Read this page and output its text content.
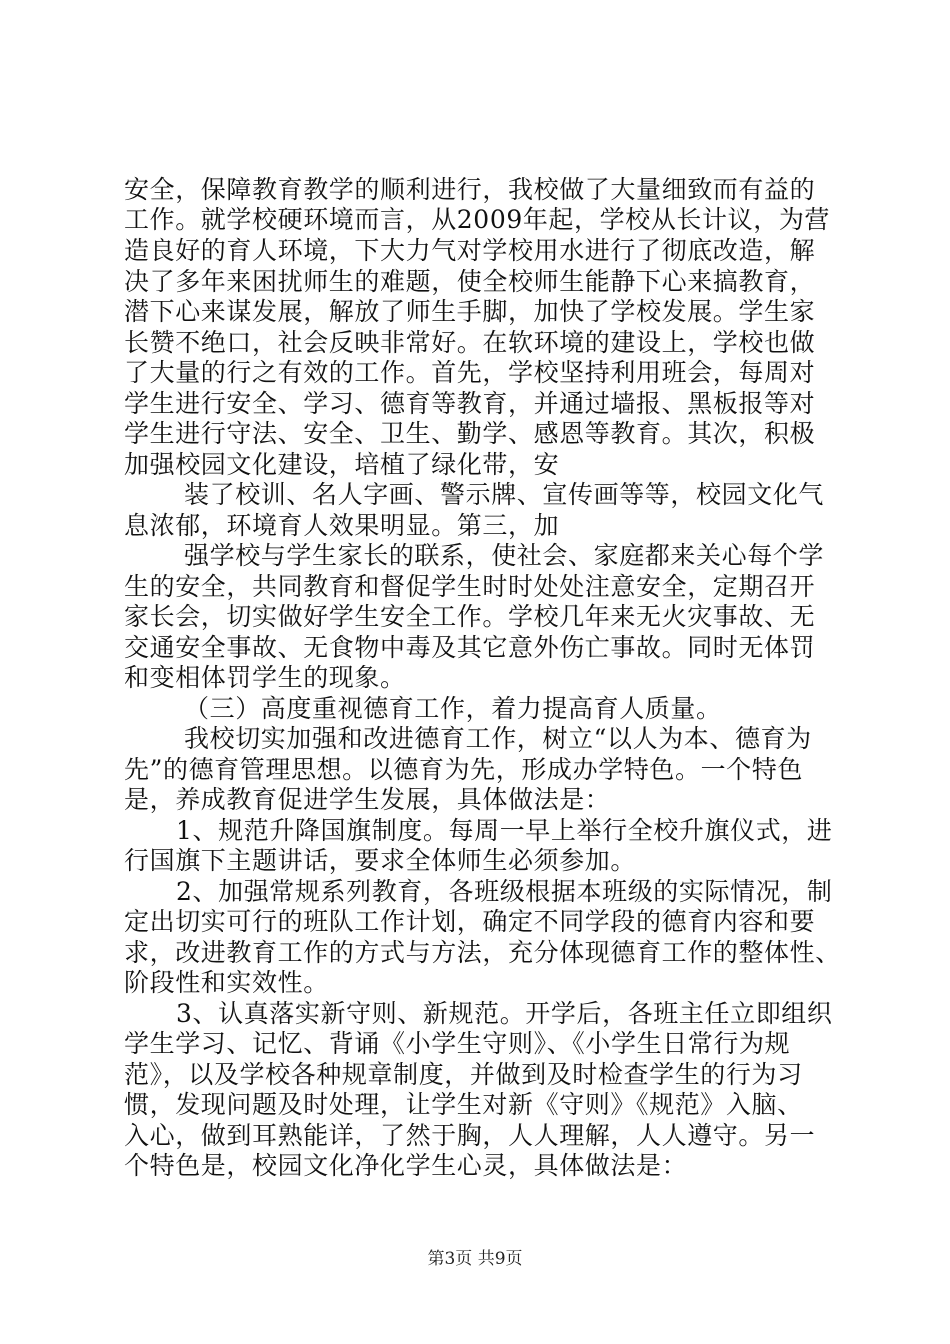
安全，保障教育教学的顺利进行，我校做了大量细致而有益的
工作。就学校硬环境而言，从2009年起，学校从长计议，为营
造良好的育人环境，下大力气对学校用水进行了彻底改造，解
决了多年来困扰师生的难题，使全校师生能静下心来搞教育，
潜下心来谋发展，解放了师生手脚，加快了学校发展。学生家
长赞不绝口，社会反映非常好。在软环境的建设上，学校也做
了大量的行之有效的工作。首先，学校坚持利用班会，每周对
学生进行安全、学习、德育等教育，并通过墙报、黑板报等对
学生进行守法、安全、卫生、勤学、感恩等教育。其次，积极
加强校园文化建设，培植了绿化带，安
装了校训、名人字画、警示牌、宣传画等等，校园文化气
息浓郁，环境育人效果明显。第三，加
强学校与学生家长的联系，使社会、家庭都来关心每个学
生的安全，共同教育和督促学生时时处处注意安全，定期召开
家长会，切实做好学生安全工作。学校几年来无火灾事故、无
交通安全事故、无食物中毒及其它意外伤亡事故。同时无体罚
和变相体罚学生的现象。
（三）高度重视德育工作，着力提高育人质量。
我校切实加强和改进德育工作，树立“以人为本、德育为
先”的德育管理思想。以德育为先，形成办学特色。一个特色
是，养成教育促进学生发展，具体做法是：
1、规范升降国旗制度。每周一早上举行全校升旗仪式，进
行国旗下主题讲话，要求全体师生必须参加。
2、加强常规系列教育，各班级根据本班级的实际情况，制
定出切实可行的班队工作计划，确定不同学段的德育内容和要
求，改进教育工作的方式与方法，充分体现德育工作的整体性、
阶段性和实效性。
3、认真落实新守则、新规范。开学后，各班主任立即组织
学生学习、记忆、背诵《小学生守则》、《小学生日常行为规
范》，以及学校各种规章制度，并做到及时检查学生的行为习
惯，发现问题及时处理，让学生对新《守则》《规范》入脑、
入心，做到耳熟能详，了然于胸，人人理解，人人遵守。另一
个特色是，校园文化净化学生心灵，具体做法是：
第3页 共9页
